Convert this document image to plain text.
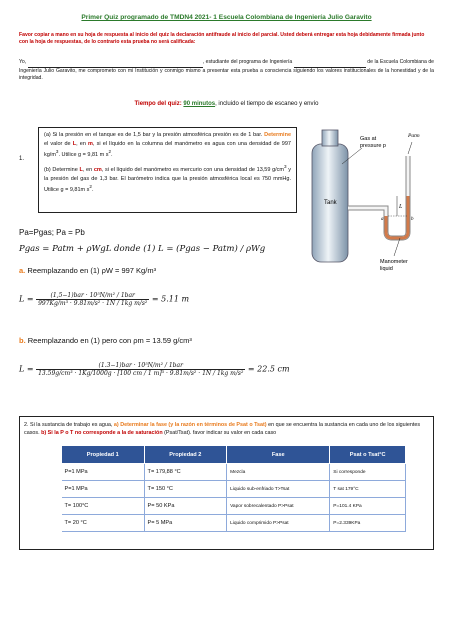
Primer Quiz programado de TMDN4 2021- 1 Escuela Colombiana de Ingeniería Julio Garavito
Favor copiar a mano en su hoja de respuesta al inicio del quiz la declaración antifraude al inicio del parcial. Usted deberá entregar esta hoja debidamente firmada junto con la hoja de respuestas, de lo contrario esta prueba no será calificada:
Yo,	, estudiante del programa de Ingeniería	de la Escuela Colombiana de Ingeniería Julio Garavito, me comprometo con mi Institución y conmigo mismo a presentar esta prueba a consciencia siguiendo los valores institucionales de la honestidad y de la integridad.
Tiempo del quiz: 90 minutos, incluido el tiempo de escaneo y envío
1.

(a) Si la presión en el tanque es de 1,5 bar y la presión atmosférica presión es de 1 bar. Determine el valor de L, en m, si el líquido en la columna del manómetro es agua con una densidad de 997 $kg/m^3$. Utilice g = 9,81 m $s^2$.

(b) Determine L, en cm, si el líquido del manómetro es mercurio con una densidad de 13,59 $g/cm^3$ y la presión del gas de 1,3 bar. El barómetro indica que la presión atmosférica local es 750 mmHg. Utilice g = 9,81m $s^2$.

Gas at
pressure p
Patm
Tank
L
a	b
Manometer
liquid
Pa=Pgas; Pa = Pb
Pgas = Patm + ρWgL donde (1) L = (Pgas − Patm) / ρWg
a. Reemplazando en (1) ρW = 997 Kg/m³
$L = \frac{\text{(1,5−1)bar · 10⁵N/m² / 1bar}}{\text{997Kg/m³ · 9.81m/s² · 1N / 1kg m/s²}} = 5.11$ m
b. Reemplazando en (1) pero con ρm = 13.59 g/cm³
L =	(1.3−1)bar · 10⁵N/m² / 1bar
13.59g/cm³ · 1Kg/1000g · [100 cm / 1 m]³ · 9.81m/s² · 1N / 1kg m/s² = 22.5 cm
2. Si la sustancia de trabajo es agua, a) Determinar la fase (y la razón en términos de Psat o Tsat) en que se encuentra la sustancia en cada uno de los siguientes casos. b) Si la P o T no corresponde a la de saturación (Psat/Tsat). favor indicar su valor en cada caso
Propiedad 1	Propiedad 2	Fase	Psat o Tsat°C
P=1 MPa	T= 179,88 °C	Mezcla	Si corresponde
P=1 MPa	T= 150 °C	Liquido sub-enfriado T>Tsat	T sat 179°C
T= 100°C	P= 50 KPa	Vapor sobrecalentado P>Psat	P=101.4 KPa
T= 20 °C	P= 5 MPa	Liquido comprimido P>Psat	P=2.339KPa
